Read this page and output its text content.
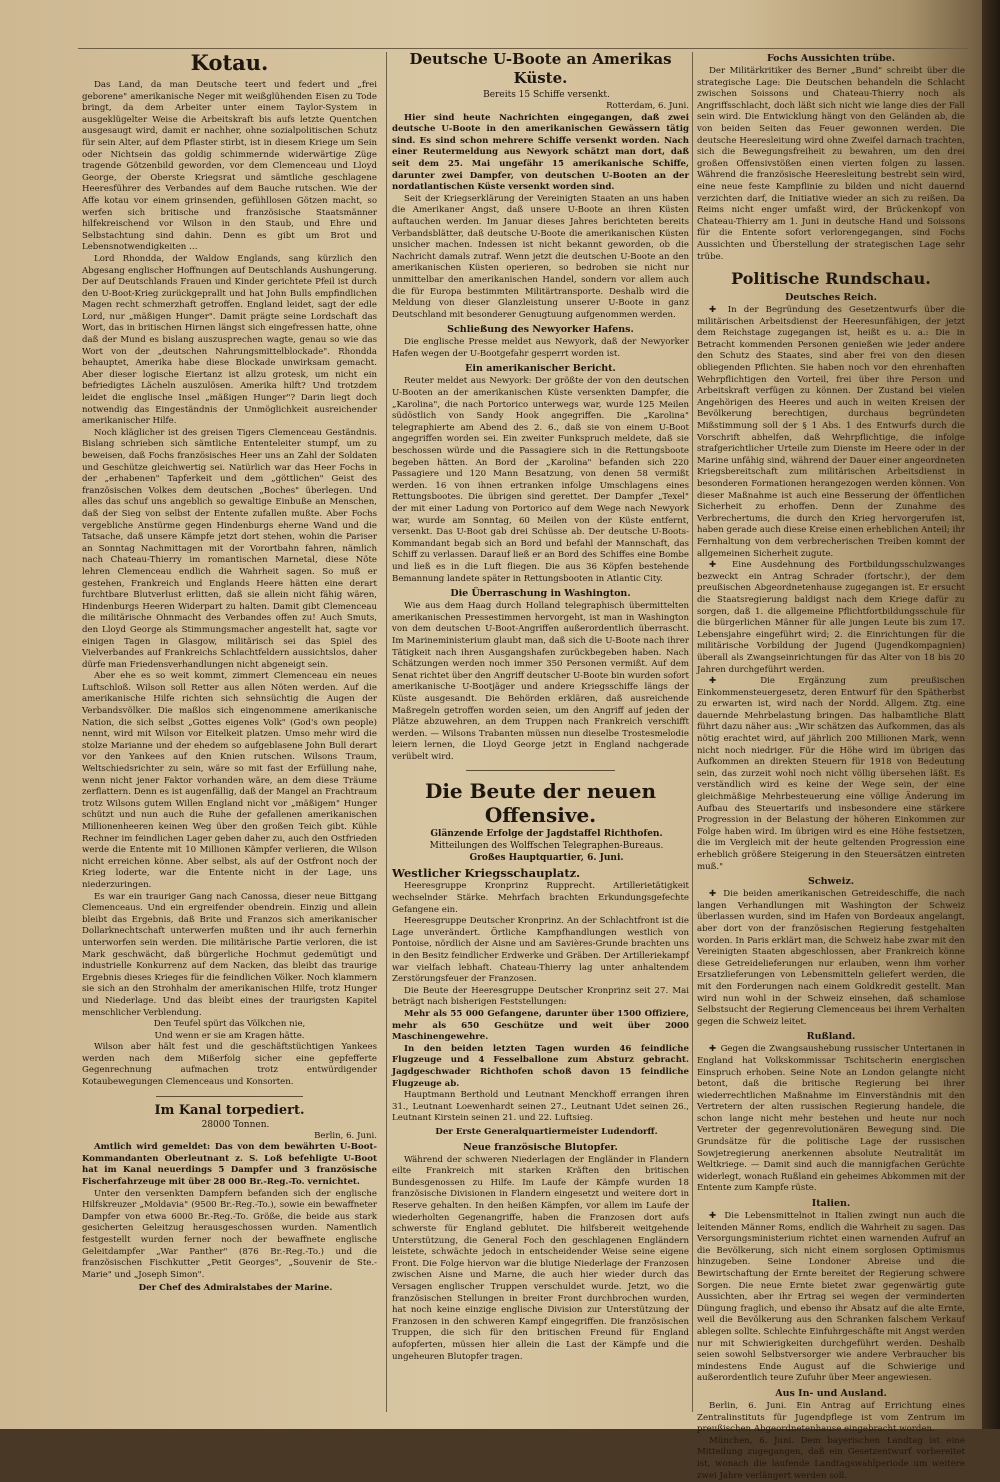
Kotau.

Das Land, da man Deutsche teert und federt und „frei geborene" amerikanische Neger mit weißglühenden Eisen zu Tode bringt, da dem Arbeiter unter einem Taylor-System in ausgeklügelter Weise die Arbeitskraft bis aufs letzte Quentchen ausgesaugt wird, damit er nachher, ohne sozialpolitischen Schutz für sein Alter, auf dem Pflaster stirbt, ist in diesem Kriege um Sein oder Nichtsein das goldig schimmernde widerwärtige Züge tragende Götzenbild geworden, vor dem Clemenceau und Lloyd George, der Oberste Kriegsrat und sämtliche geschlagene Heeresführer des Verbandes auf dem Bauche rutschen. Wie der Affe kotau vor einem grinsenden, gefühllosen Götzen macht, so werfen sich britische und französische Staatsmänner hilfekreischend vor Wilson in den Staub, und Ehre und Selbstachtung sind dahin. Denn es gibt um Brot und Lebensnotwendigkeiten …

Lord Rhondda, der Waldow Englands, sang kürzlich den Abgesang englischer Hoffnungen auf Deutschlands Aushungerung. Der auf Deutschlands Frauen und Kinder gerichtete Pfeil ist durch den U-Boot-Krieg zurückgeprallt und hat John Bulls empfindlichen Magen recht schmerzhaft getroffen. England leidet, sagt der edle Lord, nur „mäßigen Hunger". Damit prägte seine Lordschaft das Wort, das in britischen Hirnen längst sich eingefressen hatte, ohne daß der Mund es bislang auszusprechen wagte, genau so wie das Wort von der „deutschen Nahrungsmittelblockade". Rhondda behauptet, Amerika habe diese Blockade unwirksam gemacht. Aber dieser logische Eiertanz ist allzu grotesk, um nicht ein befriedigtes Lächeln auszulösen. Amerika hilft? Und trotzdem leidet die englische Insel „mäßigen Hunger"? Darin liegt doch notwendig das Eingeständnis der Unmöglichkeit ausreichender amerikanischer Hilfe.

Noch kläglicher ist des greisen Tigers Clemenceau Geständnis. Bislang schrieben sich sämtliche Ententeleiter stumpf, um zu beweisen, daß Fochs französisches Heer uns an Zahl der Soldaten und Geschütze gleichwertig sei. Natürlich war das Heer Fochs in der „erhabenen" Tapferkeit und dem „göttlichen" Geist des französischen Volkes dem deutschen „Boches" überlegen. Und alles das schuf uns angeblich so gewaltige Einbuße an Menschen, daß der Sieg von selbst der Entente zufallen mußte. Aber Fochs vergebliche Anstürme gegen Hindenburgs eherne Wand und die Tatsache, daß unsere Kämpfe jetzt dort stehen, wohin die Pariser an Sonntag Nachmittagen mit der Vorortbahn fahren, nämlich nach Chateau-Thierry im romantischen Marnetal, diese Nöte lehren Clemenceau endlich die Wahrheit sagen. So muß er gestehen, Frankreich und Englands Heere hätten eine derart furchtbare Blutverlust erlitten, daß sie allein nicht fähig wären, Hindenburgs Heeren Widerpart zu halten. Damit gibt Clemenceau die militärische Ohnmacht des Verbandes offen zu! Auch Smuts, den Lloyd George als Stimmungsmacher angestellt hat, sagte vor einigen Tagen in Glasgow, militärisch sei das Spiel des Vielverbandes auf Frankreichs Schlachtfeldern aussichtslos, daher dürfe man Friedensverhandlungen nicht abgeneigt sein.

Aber ehe es so weit kommt, zimmert Clemenceau ein neues Luftschloß. Wilson soll Retter aus allen Nöten werden. Auf die amerikanische Hilfe richten sich sehnsüchtig die Augen der Verbandsvölker. Die maßlos sich eingenommene amerikanische Nation, die sich selbst „Gottes eigenes Volk" (God's own people) nennt, wird mit Wilson vor Eitelkeit platzen. Umso mehr wird die stolze Marianne und der ehedem so aufgeblasene John Bull derart vor den Yankees auf den Knien rutschen. Wilsons Traum, Weltschiedsrichter zu sein, wäre so mit fast der Erfüllung nahe, wenn nicht jener Faktor vorhanden wäre, an dem diese Träume zerflattern. Denn es ist augenfällig, daß der Mangel an Frachtraum trotz Wilsons gutem Willen England nicht vor „mäßigem" Hunger schützt und nun auch die Ruhe der gefallenen amerikanischen Millionenheeren keinen Weg über den großen Teich gibt. Kühle Rechner im feindlichen Lager geben daher zu, auch den Ostfrieden werde die Entente mit 10 Millionen Kämpfer verlieren, die Wilson nicht erreichen könne. Aber selbst, als auf der Ostfront noch der Krieg loderte, war die Entente nicht in der Lage, uns niederzuringen.

Es war ein trauriger Gang nach Canossa, dieser neue Bittgang Clemenceaus. Und ein ergreifender obendrein. Einzig und allein bleibt das Ergebnis, daß Brite und Franzos sich amerikanischer Dollarknechtschaft unterwerfen mußten und ihr auch fernerhin unterworfen sein werden. Die militärische Partie verloren, die ist Mark geschwächt, daß bürgerliche Hochmut gedemütigt und industrielle Konkurrenz auf dem Nacken, das bleibt das traurige Ergebnis dieses Krieges für die feindlichen Völker. Noch klammern sie sich an den Strohhalm der amerikanischen Hilfe, trotz Hunger und Niederlage. Und das bleibt eines der traurigsten Kapitel menschlicher Verblendung.

Den Teufel spürt das Völkchen nie,

Und wenn er sie am Kragen hätte.

Wilson aber hält fest und die geschäftstüchtigen Yankees werden nach dem Mißerfolg sicher eine gepfefferte Gegenrechnung aufmachen trotz entwürdigender Kotaubewegungen Clemenceaus und Konsorten.

Im Kanal torpediert.

28000 Tonnen.

Berlin, 6. Juni.

Amtlich wird gemeldet: Das von dem bewährten U-Boot-Kommandanten Oberleutnant z. S. Loß befehligte U-Boot hat im Kanal neuerdings 5 Dampfer und 3 französische Fischerfahrzeuge mit über 28 000 Br.-Reg.-To. vernichtet.

Unter den versenkten Dampfern befanden sich der englische Hilfskreuzer „Moldavia" (9500 Br.-Reg.-To.), sowie ein bewaffneter Dampfer von etwa 6000 Br.-Reg.-To. Größe, die beide aus stark gesicherten Geleitzug herausgeschossen wurden. Namentlich festgestellt wurden ferner noch der bewaffnete englische Geleitdampfer „War Panther" (876 Br.-Reg.-To.) und die französischen Fischkutter „Petit Georges", „Souvenir de Ste.-Marie" und „Joseph Simon".

Der Chef des Admiralstabes der Marine.

Deutsche U-Boote an Amerikas Küste.

Bereits 15 Schiffe versenkt.

Rotterdam, 6. Juni.

Hier sind heute Nachrichten eingegangen, daß zwei deutsche U-Boote in den amerikanischen Gewässern tätig sind. Es sind schon mehrere Schiffe versenkt worden. Nach einer Reutermeldung aus Newyork schätzt man dort, daß seit dem 25. Mai ungefähr 15 amerikanische Schiffe, darunter zwei Dampfer, von deutschen U-Booten an der nordatlantischen Küste versenkt worden sind.

Seit der Kriegserklärung der Vereinigten Staaten an uns haben die Amerikaner Angst, daß unsere U-Boote an ihren Küsten auftauchen werden. Im Januar dieses Jahres berichteten bereits Verbandsblätter, daß deutsche U-Boote die amerikanischen Küsten unsicher machen. Indessen ist nicht bekannt geworden, ob die Nachricht damals zutraf. Wenn jetzt die deutschen U-Boote an den amerikanischen Küsten operieren, so bedroben sie nicht nur unmittelbar den amerikanischen Handel, sondern vor allem auch die für Europa bestimmten Militärtransporte. Deshalb wird die Meldung von dieser Glanzleistung unserer U-Boote in ganz Deutschland mit besonderer Genugtuung aufgenommen werden.

Schließung des Newyorker Hafens.

Die englische Presse meldet aus Newyork, daß der Newyorker Hafen wegen der U-Bootgefahr gesperrt worden ist.

Ein amerikanischer Bericht.

Reuter meldet aus Newyork: Der größte der von den deutschen U-Booten an der amerikanischen Küste versenkten Dampfer, die „Karolina", die nach Portorico unterwegs war, wurde 125 Meilen südöstlich von Sandy Hook angegriffen. Die „Karolina" telegraphierte am Abend des 2. 6., daß sie von einem U-Boot angegriffen worden sei. Ein zweiter Funkspruch meldete, daß sie beschossen würde und die Passagiere sich in die Rettungsboote begeben hätten. An Bord der „Karolina" befanden sich 220 Passagiere und 120 Mann Besatzung, von denen 58 vermißt werden. 16 von ihnen ertranken infolge Umschlagens eines Rettungsbootes. Die übrigen sind gerettet. Der Dampfer „Texel" der mit einer Ladung von Portorico auf dem Wege nach Newyork war, wurde am Sonntag, 60 Meilen von der Küste entfernt, versenkt. Das U-Boot gab drei Schüsse ab. Der deutsche U-Boots-Kommandant begab sich an Bord und befahl der Mannschaft, das Schiff zu verlassen. Darauf ließ er an Bord des Schiffes eine Bombe und ließ es in die Luft fliegen. Die aus 36 Köpfen bestehende Bemannung landete später in Rettungsbooten in Atlantic City.

Die Überraschung in Washington.

Wie aus dem Haag durch Holland telegraphisch übermittelten amerikanischen Pressestimmen hervorgeht, ist man in Washington von dem deutschen U-Boot-Angriffen außerordentlich überrascht. Im Marineministerium glaubt man, daß sich die U-Boote nach ihrer Tätigkeit nach ihren Ausgangshafen zurückbegeben haben. Nach Schätzungen werden noch immer 350 Personen vermißt. Auf dem Senat richtet über den Angriff deutscher U-Boote bin wurden sofort amerikanische U-Bootjäger und andere Kriegsschiffe längs der Küste ausgesandt. Die Behörden erklären, daß ausreichende Maßregeln getroffen worden seien, um den Angriff auf jeden der Plätze abzuwehren, an dem Truppen nach Frankreich verschifft werden. — Wilsons Trabanten müssen nun dieselbe Trostesmelodie leiern lernen, die Lloyd George jetzt in England nachgerade verübelt wird.

Die Beute der neuen Offensive.

Glänzende Erfolge der Jagdstaffel Richthofen.

Mitteilungen des Wolffschen Telegraphen-Bureaus.

Großes Hauptquartier, 6. Juni.

Westlicher Kriegsschauplatz.

Heeresgruppe Kronprinz Rupprecht. Artillerietätigkeit wechselnder Stärke. Mehrfach brachten Erkundungsgefechte Gefangene ein.

Heeresgruppe Deutscher Kronprinz. An der Schlachtfront ist die Lage unverändert. Örtliche Kampfhandlungen westlich von Pontoise, nördlich der Aisne und am Savières-Grunde brachten uns in den Besitz feindlicher Erdwerke und Gräben. Der Artilleriekampf war vielfach lebhaft. Chateau-Thierry lag unter anhaltendem Zerstörungsfeuer der Franzosen.

Die Beute der Heeresgruppe Deutscher Kronprinz seit 27. Mai beträgt nach bisherigen Feststellungen:

Mehr als 55 000 Gefangene, darunter über 1500 Offiziere, mehr als 650 Geschütze und weit über 2000 Maschinengewehre.

In den beiden letzten Tagen wurden 46 feindliche Flugzeuge und 4 Fesselballone zum Absturz gebracht. Jagdgeschwader Richthofen schoß davon 15 feindliche Flugzeuge ab.

Hauptmann Berthold und Leutnant Menckhoff errangen ihren 31., Leutnant Loewenhardt seinen 27., Leutnant Udet seinen 26., Leutnant Kirstein seinen 21. und 22. Luftsieg.

Der Erste Generalquartiermeister Ludendorff.

Neue französische Blutopfer.

Während der schweren Niederlagen der Engländer in Flandern eilte Frankreich mit starken Kräften den britischen Bundesgenossen zu Hilfe. Im Laufe der Kämpfe wurden 18 französische Divisionen in Flandern eingesetzt und weitere dort in Reserve gehalten. In den heißen Kämpfen, vor allem im Laufe der wiederholten Gegenangriffe, haben die Franzosen dort aufs schwerste für England geblutet. Die hilfsbereit weitgehende Unterstützung, die General Foch den geschlagenen Engländern leistete, schwächte jedoch in entscheidender Weise seine eigene Front. Die Folge hiervon war die blutige Niederlage der Franzosen zwischen Aisne und Marne, die auch hier wieder durch das Versagen englischer Truppen verschuldet wurde. Jetzt, wo die französischen Stellungen in breiter Front durchbrochen wurden, hat noch keine einzige englische Division zur Unterstützung der Franzosen in den schweren Kampf eingegriffen. Die französischen Truppen, die sich für den britischen Freund für England aufopferten, müssen hier allein die Last der Kämpfe und die ungeheuren Blutopfer tragen.

Fochs Aussichten trübe.

Der Militärkritiker des Berner „Bund" schreibt über die strategische Lage: Die Deutschen behandeln die Schlacht zwischen Soissons und Chateau-Thierry noch als Angriffsschlacht, doch läßt sich nicht wie lange dies der Fall sein wird. Die Entwicklung hängt von den Geländen ab, die von beiden Seiten das Feuer gewonnen werden. Die deutsche Heeresleitung wird ohne Zweifel darnach trachten, sich die Bewegungsfreiheit zu bewahren, um den drei großen Offensivstößen einen vierten folgen zu lassen. Während die französische Heeresleitung bestrebt sein wird, eine neue feste Kampflinie zu bilden und nicht dauernd verzichten darf, die Initiative wieder an sich zu reißen. Da Reims nicht enger umfaßt wird, der Brückenkopf von Chateau-Thierry am 1. Juni in deutsche Hand und Soissons für die Entente sofort verlorengegangen, sind Fochs Aussichten und Überstellung der strategischen Lage sehr trübe.

Politische Rundschau.
Deutsches Reich.

✚ In der Begründung des Gesetzentwurfs über die militärischen Arbeitsdienst der Heeresunfähigen, der jetzt dem Reichstage zugegangen ist, heißt es u. a.: Die in Betracht kommenden Personen genießen wie jeder andere den Schutz des Staates, sind aber frei von den diesen obliegenden Pflichten. Sie haben noch vor den ehrenhaften Wehrpflichtigen den Vorteil, frei über ihre Person und Arbeitskraft verfügen zu können. Der Zustand bei vielen Angehörigen des Heeres und auch in weiten Kreisen der Bevölkerung berechtigen, durchaus begründeten Mißstimmung soll der § 1 Abs. 1 des Entwurfs durch die Vorschrift abhelfen, daß Wehrpflichtige, die infolge strafgerichtlicher Urteile zum Dienste im Heere oder in der Marine unfähig sind, während der Dauer einer angeordneten Kriegsbereitschaft zum militärischen Arbeitsdienst in besonderen Formationen herangezogen werden können. Von dieser Maßnahme ist auch eine Besserung der öffentlichen Sicherheit zu erhoffen. Denn der Zunahme des Verbrechertums, die durch den Krieg hervorgerufen ist, haben gerade auch diese Kreise einen erheblichen Anteil; ihr Fernhaltung von dem verbrecherischen Treiben kommt der allgemeinen Sicherheit zugute.

✚ Eine Ausdehnung des Fortbildungsschulzwanges bezweckt ein Antrag Schrader (fortschr.), der dem preußischen Abgeordnetenhause zugegangen ist. Er ersucht die Staatsregierung baldigst nach dem Kriege dafür zu sorgen, daß 1. die allgemeine Pflichtfortbildungsschule für die bürgerlichen Männer für alle jungen Leute bis zum 17. Lebensjahre eingeführt wird; 2. die Einrichtungen für die militärische Vorbildung der Jugend (Jugendkompagnien) überall als Zwangseinrichtungen für das Alter von 18 bis 20 Jahren durchgeführt werden.

✚ Die Ergänzung zum preußischen Einkommensteuergesetz, deren Entwurf für den Spätherbst zu erwarten ist, wird nach der Nordd. Allgem. Ztg. eine dauernde Mehrbelastung bringen. Das halbamtliche Blatt führt dazu näher aus: „Wir schätzen das Aufkommen, das als nötig erachtet wird, auf jährlich 200 Millionen Mark, wenn nicht noch niedriger. Für die Höhe wird im übrigen das Aufkommen an direkten Steuern für 1918 von Bedeutung sein, das zurzeit wohl noch nicht völlig übersehen läßt. Es verständlich wird es keine der Wege sein, der eine gleichmäßige Mehrbesteuerung eine völlige Änderung im Aufbau des Steuertarifs und insbesondere eine stärkere Progression in der Belastung der höheren Einkommen zur Folge haben wird. Im übrigen wird es eine Höhe festsetzen, die im Vergleich mit der heute geltenden Progression eine erheblich größere Steigerung in den Steuersätzen eintreten muß."

Schweiz.

✚ Die beiden amerikanischen Getreideschiffe, die nach langen Verhandlungen mit Washington der Schweiz überlassen wurden, sind im Hafen von Bordeaux angelangt, aber dort von der französischen Regierung festgehalten worden. In Paris erklärt man, die Schweiz habe zwar mit den Vereinigten Staaten abgeschlossen, aber Frankreich könne diese Getreidelieferungen nur erlauben, wenn ihm vorher Ersatzlieferungen von Lebensmitteln geliefert werden, die mit den Forderungen nach einem Goldkredit gestellt. Man wird nun wohl in der Schweiz einsehen, daß schamlose Selbstsucht der Regierung Clemenceaus bei ihrem Verhalten gegen die Schweiz leitet.

Rußland.

✚ Gegen die Zwangsaushebung russischer Untertanen in England hat Volkskommissar Tschitscherin energischen Einspruch erhoben. Seine Note an London gelangte nicht betont, daß die britische Regierung bei ihrer wiederrechtlichen Maßnahme im Einverständnis mit den Vertretern der alten russischen Regierung handele, die schon lange nicht mehr bestehen und heute nur noch Vertreter der gegenrevolutionären Bewegung sind. Die Grundsätze für die politische Lage der russischen Sowjetregierung anerkennen absolute Neutralität im Weltkriege. — Damit sind auch die mannigfachen Gerüchte widerlegt, wonach Rußland ein geheimes Abkommen mit der Entente zum Kampfe rüste.

Italien.

✚ Die Lebensmittelnot in Italien zwingt nun auch die leitenden Männer Roms, endlich die Wahrheit zu sagen. Das Versorgungsministerium richtet einen warnenden Aufruf an die Bevölkerung, sich nicht einem sorglosen Optimismus hinzugeben. Seine Londoner Abreise und die Bewirtschaftung der Ernte bereitet der Regierung schwere Sorgen. Die neue Ernte bietet zwar gegenwärtig gute Aussichten, aber ihr Ertrag sei wegen der verminderten Düngung fraglich, und ebenso ihr Absatz auf die alte Ernte, weil die Bevölkerung aus den Schranken falschem Verkauf ablegen sollte. Schlechte Einfuhrgeschäfte mit Angst werden nur mit Schwierigkeiten durchgeführt werden. Deshalb seien sowohl Selbstversorger wie andere Verbraucher bis mindestens Ende August auf die Schwierige und außerordentlich teure Zufuhr über Meer angewiesen.

Aus In- und Ausland.

Berlin, 6. Juni. Ein Antrag auf Errichtung eines Zentralinstituts für Jugendpflege ist vom Zentrum im preußischen Abgeordnetenhause eingebracht worden.

München, 6. Juni. Dem bayerischen Landtag ist eine Mitteilung zugegangen, daß ein Gesetzentwurf vorbereitet ist, wonach die laufende Landtagswahlperiode um weitere zwei Jahre verlängert werden soll.
